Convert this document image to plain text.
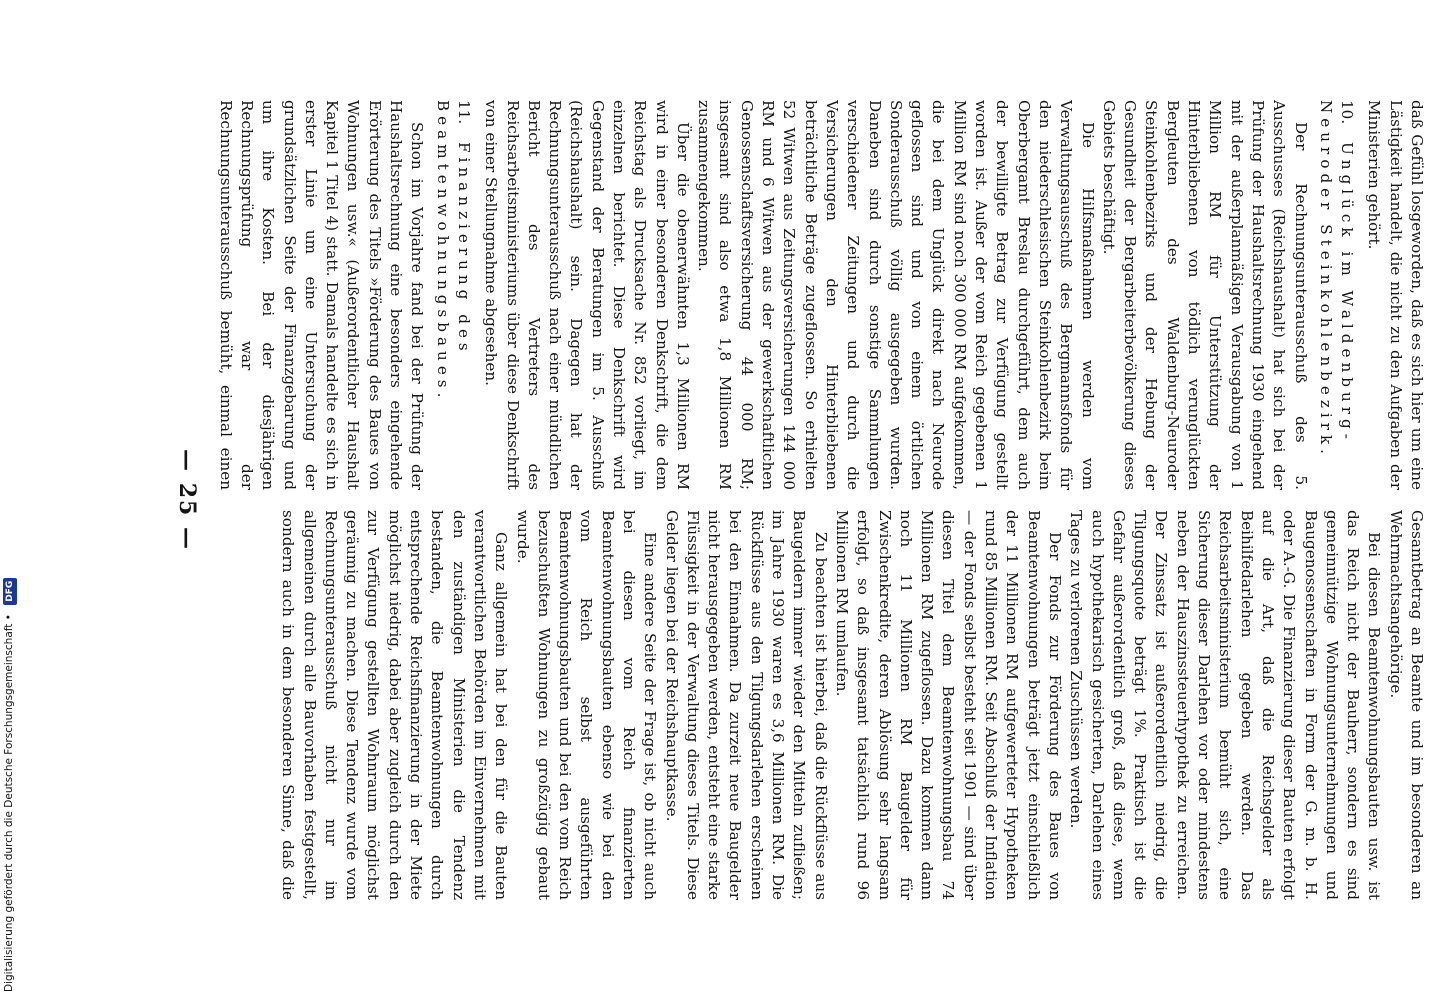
Gesamtbetrag an Beamte und im besonderen an Wehrmachtsangehörige.

Bei diesen Beamtenwohnungsbauten usw. ist das Reich nicht der Bauherr, sondern es sind gemeinnützige Wohnungsunternehmungen und Baugenossenschaften in Form der G. m. b. H. oder A.-G. Die Finanzierung dieser Bauten erfolgt auf die Art, daß die Reichsgelder als Beihilfedarlehen gegeben werden. Das Reichsarbeitsministerium bemüht sich, eine Sicherung dieser Darlehen vor oder mindestens neben der Hauszinssteuerhypothek zu erreichen. Der Zinssatz ist außerordentlich niedrig, die Tilgungsquote beträgt 1%. Praktisch ist die Gefahr außerordentlich groß, daß diese, wenn auch hypothekarisch gesicherten, Darlehen eines Tages zu verlorenen Zuschüssen werden.

Der Fonds zur Förderung des Baues von Beamtenwohnungen beträgt jetzt einschließlich der 11 Millionen RM aufgewerteter Hypotheken rund 85 Millionen RM. Seit Abschluß der Inflation — der Fonds selbst besteht seit 1901 — sind über diesen Titel dem Beamtenwohnungsbau 74 Millionen RM zugeflossen. Dazu kommen dann noch 11 Millionen RM Baugelder für Zwischenkredite, deren Ablösung sehr langsam erfolgt, so daß insgesamt tatsächlich rund 96 Millionen RM umlaufen.

Zu beachten ist hierbei, daß die Rückflüsse aus Baugeldern immer wieder den Mitteln zufließen; im Jahre 1930 waren es 3,6 Millionen RM. Die Rückflüsse aus den Tilgungsdarlehen erscheinen bei den Einnahmen. Da zurzeit neue Baugelder nicht herausgegeben werden, entsteht eine starke Flüssigkeit in der Verwaltung dieses Titels. Diese Gelder liegen bei der Reichshauptkasse.

Eine andere Seite der Frage ist, ob nicht auch bei diesen vom Reich finanzierten Beamtenwohnungsbauten ebenso wie bei den vom Reich selbst ausgeführten Beamtenwohnungsbauten und bei den vom Reich bezuschußten Wohnungen zu großzügig gebaut wurde.

Ganz allgemein hat bei den für die Bauten verantwortlichen Behörden im Einvernehmen mit den zuständigen Ministerien die Tendenz bestanden, die Beamtenwohnungen durch entsprechende Reichsfinanzierung in der Miete möglichst niedrig, dabei aber zugleich durch den zur Verfügung gestellten Wohnraum möglichst geräumig zu machen. Diese Tendenz wurde vom Rechnungsunterausschuß nicht nur im allgemeinen durch alle Bauvorhaben festgestellt, sondern auch in dem besonderen Sinne, daß die

daß Gefühl losgeworden, daß es sich hier um eine Lästigkeit handelt, die nicht zu den Aufgaben der Ministerien gehört.

10. Unglück im Waldenburg-Neuroder Steinkohlenbezirk.

Der Rechnungsunterausschuß des 5. Ausschusses (Reichshaushalt) hat sich bei der Prüfung der Haushaltsrechnung 1930 eingehend mit der außerplanmäßigen Verausgabung von 1 Million RM für Unterstützung der Hinterbliebenen von tödlich verunglückten Bergleuten des Waldenburg-Neuroder Steinkohlenbezirks und der Hebung der Gesundheit der Bergarbeiterbevölkerung dieses Gebiets beschäftigt.

Die Hilfsmaßnahmen werden vom Verwaltungsausschuß des Bergmannsfonds für den niederschlesischen Steinkohlenbezirk beim Oberbergamt Breslau durchgeführt, dem auch der bewilligte Betrag zur Verfügung gestellt worden ist. Außer der vom Reich gegebenen 1 Million RM sind noch 300 000 RM aufgekommen, die bei dem Unglück direkt nach Neurode geflossen sind und von einem örtlichen Sonderausschuß völlig ausgegeben wurden. Daneben sind durch sonstige Sammlungen verschiedener Zeitungen und durch die Versicherungen den Hinterbliebenen beträchtliche Beträge zugeflossen. So erhielten 52 Witwen aus Zeitungsversicherungen 144 000 RM und 6 Witwen aus der gewerkschaftlichen Genossenschaftsversicherung 44 000 RM; insgesamt sind also etwa 1,8 Millionen RM zusammengekommen.

Über die obenerwähnten 1,3 Millionen RM wird in einer besonderen Denkschrift, die dem Reichstag als Drucksache Nr. 852 vorliegt, im einzelnen berichtet. Diese Denkschrift wird Gegenstand der Beratungen im 5. Ausschuß (Reichshaushalt) sein. Dagegen hat der Rechnungsunterausschuß nach einer mündlichen Bericht des Vertreters des Reichsarbeitsministeriums über diese Denkschrift von einer Stellungnahme abgesehen.

11. Finanzierung des Beamtenwohnungsbaues.

Schon im Vorjahre fand bei der Prüfung der Haushaltsrechnung eine besonders eingehende Erörterung des Titels »Förderung des Baues von Wohnungen usw.« (Außerordentlicher Haushalt Kapitel 1 Titel 4) statt. Damals handelte es sich in erster Linie um eine Untersuchung der grundsätzlichen Seite der Finanzgebarung und um ihre Kosten. Bei der diesjährigen Rechnungsprüfung war der Rechnungsunterausschuß bemüht, einmal einen

— 25 —
Digitalisierung gefördert durch die Deutsche Forschungsgemeinschaft • DFG
